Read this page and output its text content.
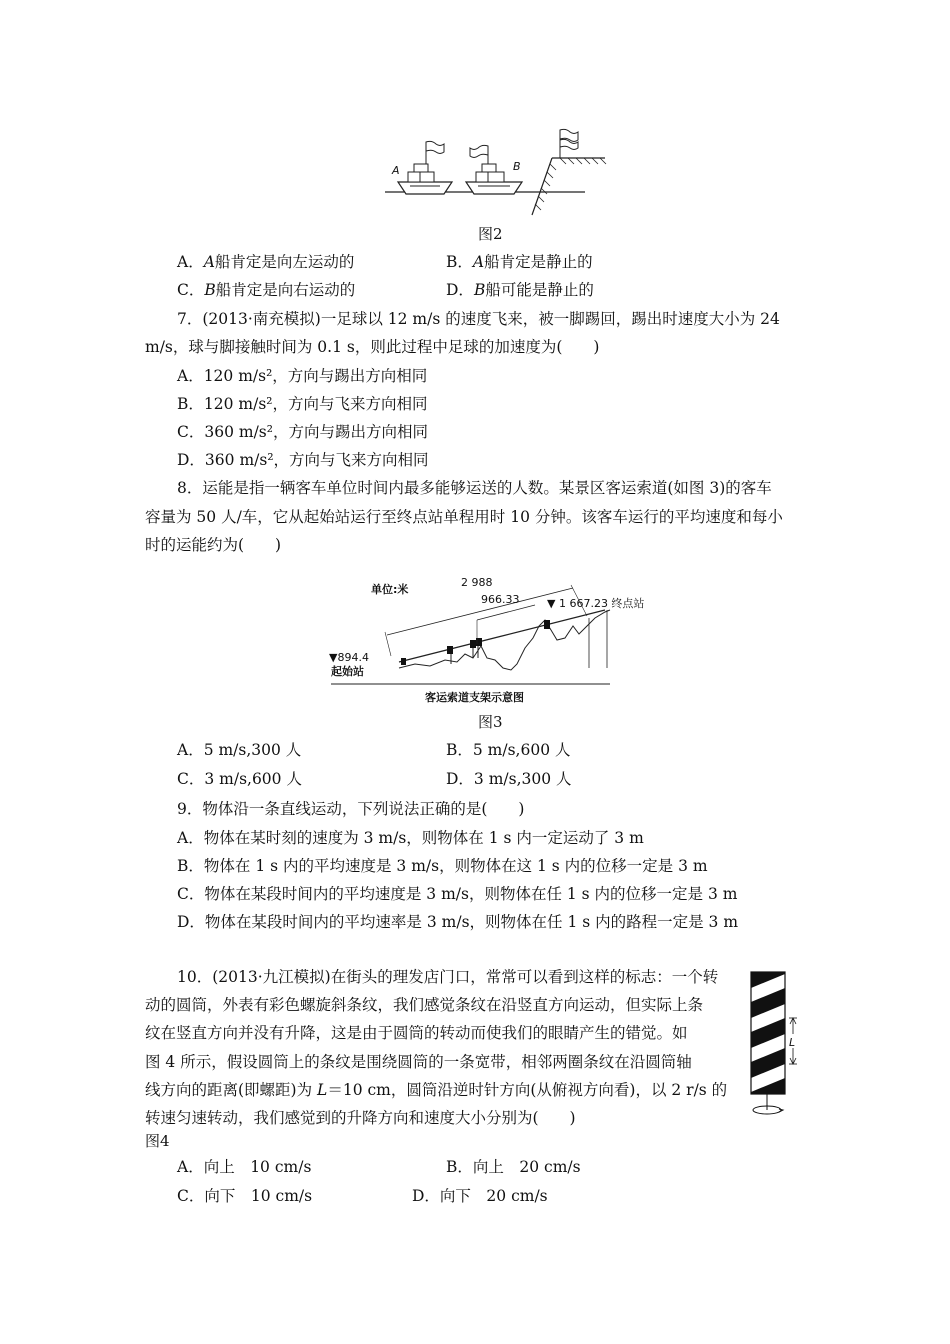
A	B
图2
A．A船肯定是向左运动的	B．A船肯定是静止的
C．B船肯定是向右运动的	D．B船可能是静止的
7．(2013·南充模拟)一足球以 12 m/s 的速度飞来，被一脚踢回，踢出时速度大小为 24
m/s，球与脚接触时间为 0.1 s，则此过程中足球的加速度为(　　)
A．120 m/s²，方向与踢出方向相同
B．120 m/s²，方向与飞来方向相同
C．360 m/s²，方向与踢出方向相同
D．360 m/s²，方向与飞来方向相同
8．运能是指一辆客车单位时间内最多能够运送的人数。某景区客运索道(如图 3)的客车
容量为 50 人/车，它从起始站运行至终点站单程用时 10 分钟。该客车运行的平均速度和每小
时的运能约为(　　)
单位:米
2 988
966.33	▼ 1 667.23 终点站
▼894.4
起始站
客运索道支架示意图
图3
A．5 m/s,300 人	B．5 m/s,600 人
C．3 m/s,600 人	D．3 m/s,300 人
9．物体沿一条直线运动，下列说法正确的是(　　)
A．物体在某时刻的速度为 3 m/s，则物体在 1 s 内一定运动了 3 m
B．物体在 1 s 内的平均速度是 3 m/s，则物体在这 1 s 内的位移一定是 3 m
C．物体在某段时间内的平均速度是 3 m/s，则物体在任 1 s 内的位移一定是 3 m
D．物体在某段时间内的平均速率是 3 m/s，则物体在任 1 s 内的路程一定是 3 m
10．(2013·九江模拟)在街头的理发店门口，常常可以看到这样的标志：一个转
动的圆筒，外表有彩色螺旋斜条纹，我们感觉条纹在沿竖直方向运动，但实际上条
纹在竖直方向并没有升降，这是由于圆筒的转动而使我们的眼睛产生的错觉。如
图 4 所示，假设圆筒上的条纹是围绕圆筒的一条宽带，相邻两圈条纹在沿圆筒轴
线方向的距离(即螺距)为 L＝10 cm，圆筒沿逆时针方向(从俯视方向看)，以 2 r/s 的
转速匀速转动，我们感觉到的升降方向和速度大小分别为(　　)
图4
L
A．向上　10 cm/s	B．向上　20 cm/s
C．向下　10 cm/s	D．向下　20 cm/s
